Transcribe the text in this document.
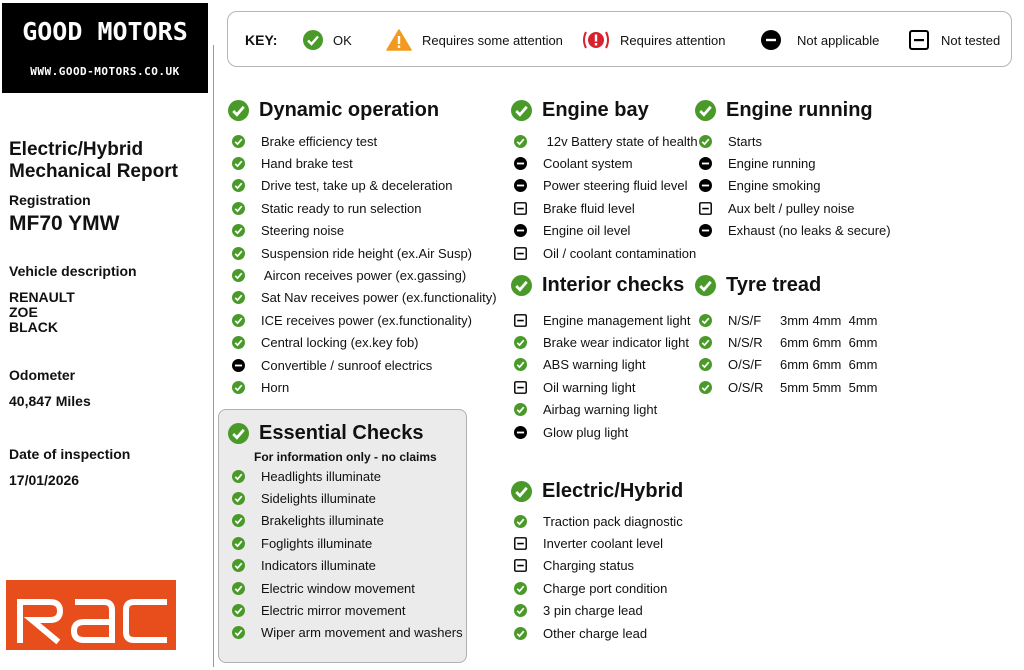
GOOD MOTORS
WWW.GOOD-MOTORS.CO.UK
Electric/Hybrid
Mechanical Report
Registration
MF70 YMW
Vehicle description
RENAULT
ZOE
BLACK
Odometer
40,847 Miles
Date of inspection
17/01/2026
KEY:	OK	Requires some attention	Requires attention	Not applicable	Not tested
Dynamic operation	Engine bay	Engine running
Interior checks Tyre tread
Essential Checks
For information only - no claims
Electric/Hybrid
Brake efficiency test
Hand brake test
Drive test, take up & deceleration
Static ready to run selection
Steering noise
Suspension ride height (ex.Air Susp)
Aircon receives power (ex.gassing)
Sat Nav receives power (ex.functionality)
ICE receives power (ex.functionality)
Central locking (ex.key fob)
Convertible / sunroof electrics
Horn
12v Battery state of health
Coolant system
Power steering fluid level
Brake fluid level
Engine oil level
Oil / coolant contamination
Starts
Engine running
Engine smoking
Aux belt / pulley noise
Exhaust (no leaks & secure)
Engine management light
Brake wear indicator light
ABS warning light
Oil warning light
Airbag warning light
Glow plug light
N/S/F	3mm 4mm  4mm
N/S/R	6mm 6mm  6mm
O/S/F	6mm 6mm  6mm
O/S/R	5mm 5mm  5mm
Headlights illuminate
Sidelights illuminate
Brakelights illuminate
Foglights illuminate
Indicators illuminate
Electric window movement
Electric mirror movement
Wiper arm movement and washers
Traction pack diagnostic
Inverter coolant level
Charging status
Charge port condition
3 pin charge lead
Other charge lead
